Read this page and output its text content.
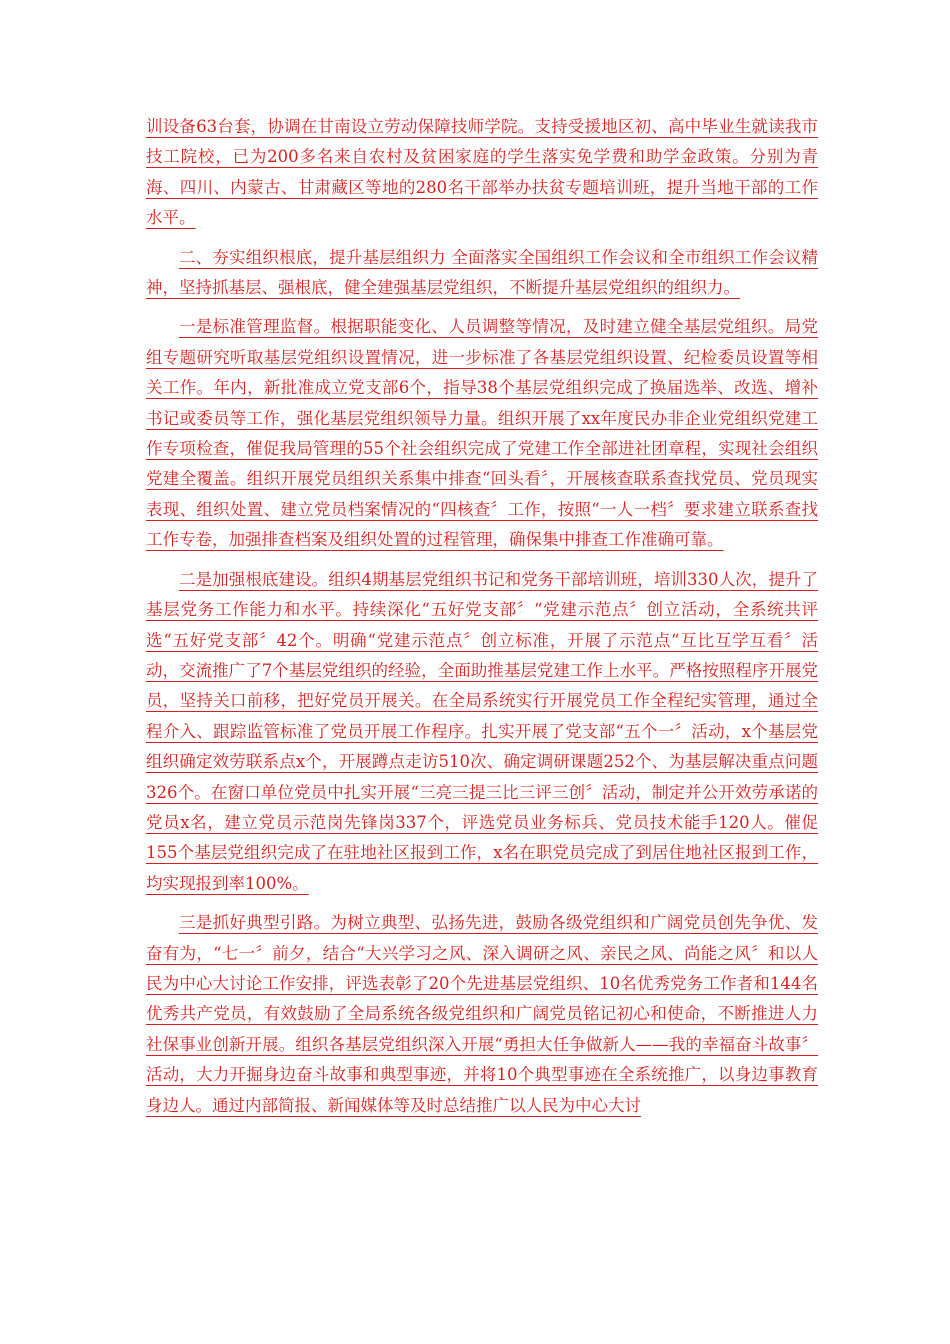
训设备63台套，协调在甘南设立劳动保障技师学院。支持受援地区初、高中毕业生就读我市技工院校，已为200多名来自农村及贫困家庭的学生落实免学费和助学金政策。分别为青海、四川、内蒙古、甘肃藏区等地的280名干部举办扶贫专题培训班，提升当地干部的工作水平。

二、夯实组织根底，提升基层组织力 全面落实全国组织工作会议和全市组织工作会议精神，坚持抓基层、强根底，健全建强基层党组织，不断提升基层党组织的组织力。

一是标准管理监督。根据职能变化、人员调整等情况，及时建立健全基层党组织。局党组专题研究听取基层党组织设置情况，进一步标准了各基层党组织设置、纪检委员设置等相关工作。年内，新批准成立党支部6个，指导38个基层党组织完成了换届选举、改选、增补书记或委员等工作，强化基层党组织领导力量。组织开展了xx年度民办非企业党组织党建工作专项检查，催促我局管理的55个社会组织完成了党建工作全部进社团章程，实现社会组织党建全覆盖。组织开展党员组织关系集中排查“回头看〞，开展核查联系查找党员、党员现实表现、组织处置、建立党员档案情况的“四核查〞工作，按照“一人一档〞要求建立联系查找工作专卷，加强排查档案及组织处置的过程管理，确保集中排查工作准确可靠。

二是加强根底建设。组织4期基层党组织书记和党务干部培训班，培训330人次，提升了基层党务工作能力和水平。持续深化“五好党支部〞“党建示范点〞创立活动，全系统共评选“五好党支部〞42个。明确“党建示范点〞创立标准，开展了示范点“互比互学互看〞活动，交流推广了7个基层党组织的经验，全面助推基层党建工作上水平。严格按照程序开展党员，坚持关口前移，把好党员开展关。在全局系统实行开展党员工作全程纪实管理，通过全程介入、跟踪监管标准了党员开展工作程序。扎实开展了党支部“五个一〞活动，x个基层党组织确定效劳联系点x个，开展蹲点走访510次、确定调研课题252个、为基层解决重点问题326个。在窗口单位党员中扎实开展“三亮三提三比三评三创〞活动，制定并公开效劳承诺的党员x名，建立党员示范岗先锋岗337个，评选党员业务标兵、党员技术能手120人。催促155个基层党组织完成了在驻地社区报到工作，x名在职党员完成了到居住地社区报到工作，均实现报到率100%。

三是抓好典型引路。为树立典型、弘扬先进，鼓励各级党组织和广阔党员创先争优、发奋有为，“七一〞前夕，结合“大兴学习之风、深入调研之风、亲民之风、尚能之风〞和以人民为中心大讨论工作安排，评选表彰了20个先进基层党组织、10名优秀党务工作者和144名优秀共产党员，有效鼓励了全局系统各级党组织和广阔党员铭记初心和使命，不断推进人力社保事业创新开展。组织各基层党组织深入开展“勇担大任争做新人——我的幸福奋斗故事〞活动，大力开掘身边奋斗故事和典型事迹，并将10个典型事迹在全系统推广，以身边事教育身边人。通过内部简报、新闻媒体等及时总结推广以人民为中心大讨
